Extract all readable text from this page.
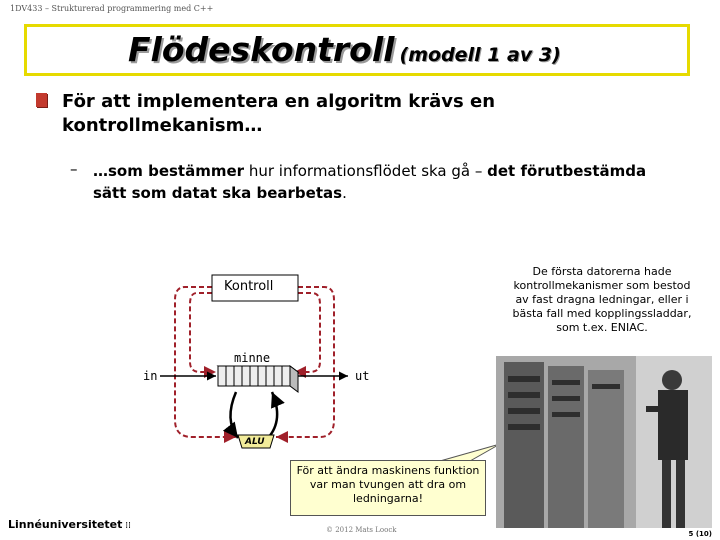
1DV433 – Strukturerad programmering med C++
Flödeskontroll (modell 1 av 3)
För att implementera en algoritm krävs en kontrollmekanism…
– …som bestämmer hur informationsflödet ska gå – det förutbestämda sätt som datat ska bearbetas.
Kontroll
minne
in	ut
ALU
De första datorerna hade kontrollmekanismer som bestod av fast dragna ledningar, eller i bästa fall med kopplingssladdar, som t.ex. ENIAC.
För att ändra maskinens funktion var man tvungen att dra om ledningarna!
Linnéuniversitetet ⁞⁞	© 2012 Mats Loock	5 (10)
